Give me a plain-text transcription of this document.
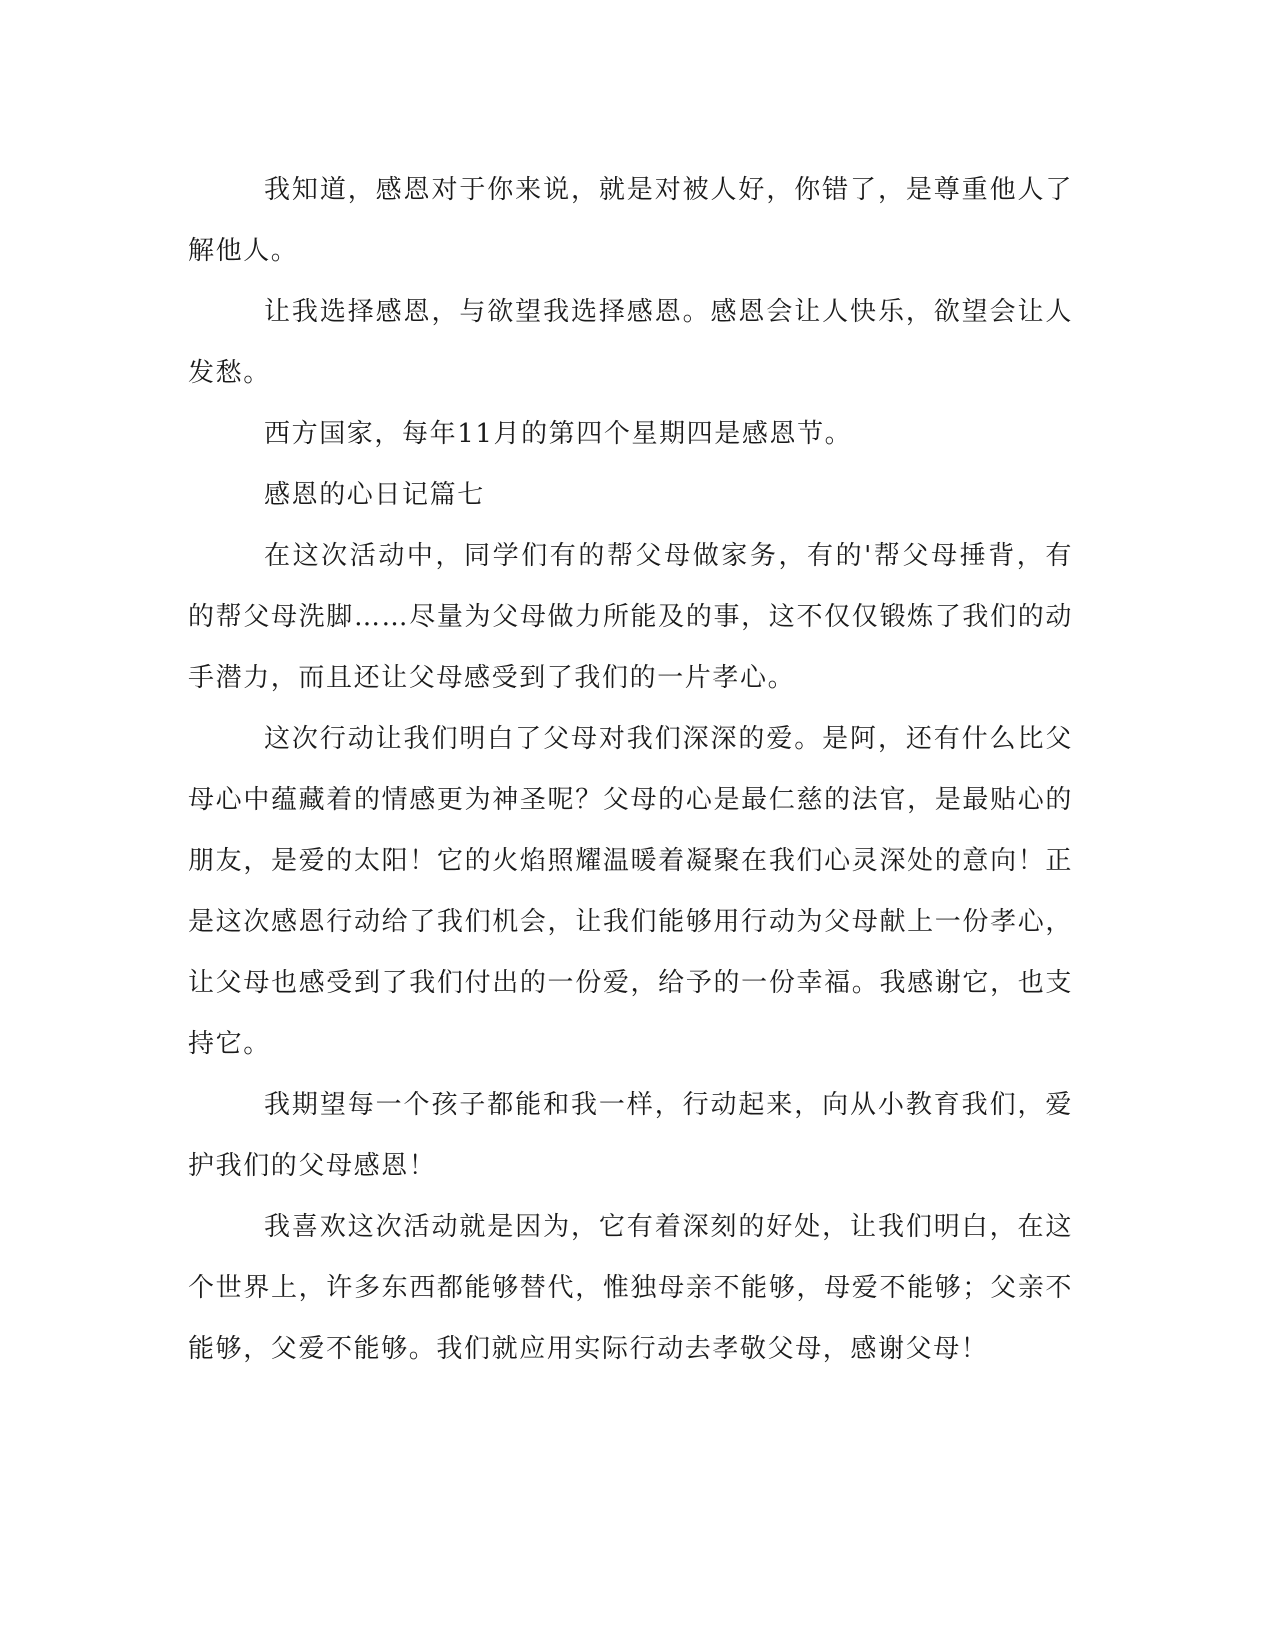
我知道，感恩对于你来说，就是对被人好，你错了，是尊重他人了解他人。

让我选择感恩，与欲望我选择感恩。感恩会让人快乐，欲望会让人发愁。

西方国家，每年11月的第四个星期四是感恩节。

感恩的心日记篇七

在这次活动中，同学们有的帮父母做家务，有的'帮父母捶背，有的帮父母洗脚……尽量为父母做力所能及的事，这不仅仅锻炼了我们的动手潜力，而且还让父母感受到了我们的一片孝心。

这次行动让我们明白了父母对我们深深的爱。是阿，还有什么比父母心中蕴藏着的情感更为神圣呢？父母的心是最仁慈的法官，是最贴心的朋友，是爱的太阳！它的火焰照耀温暖着凝聚在我们心灵深处的意向！正是这次感恩行动给了我们机会，让我们能够用行动为父母献上一份孝心，让父母也感受到了我们付出的一份爱，给予的一份幸福。我感谢它，也支持它。

我期望每一个孩子都能和我一样，行动起来，向从小教育我们，爱护我们的父母感恩！

我喜欢这次活动就是因为，它有着深刻的好处，让我们明白，在这个世界上，许多东西都能够替代，惟独母亲不能够，母爱不能够；父亲不能够，父爱不能够。我们就应用实际行动去孝敬父母，感谢父母！
